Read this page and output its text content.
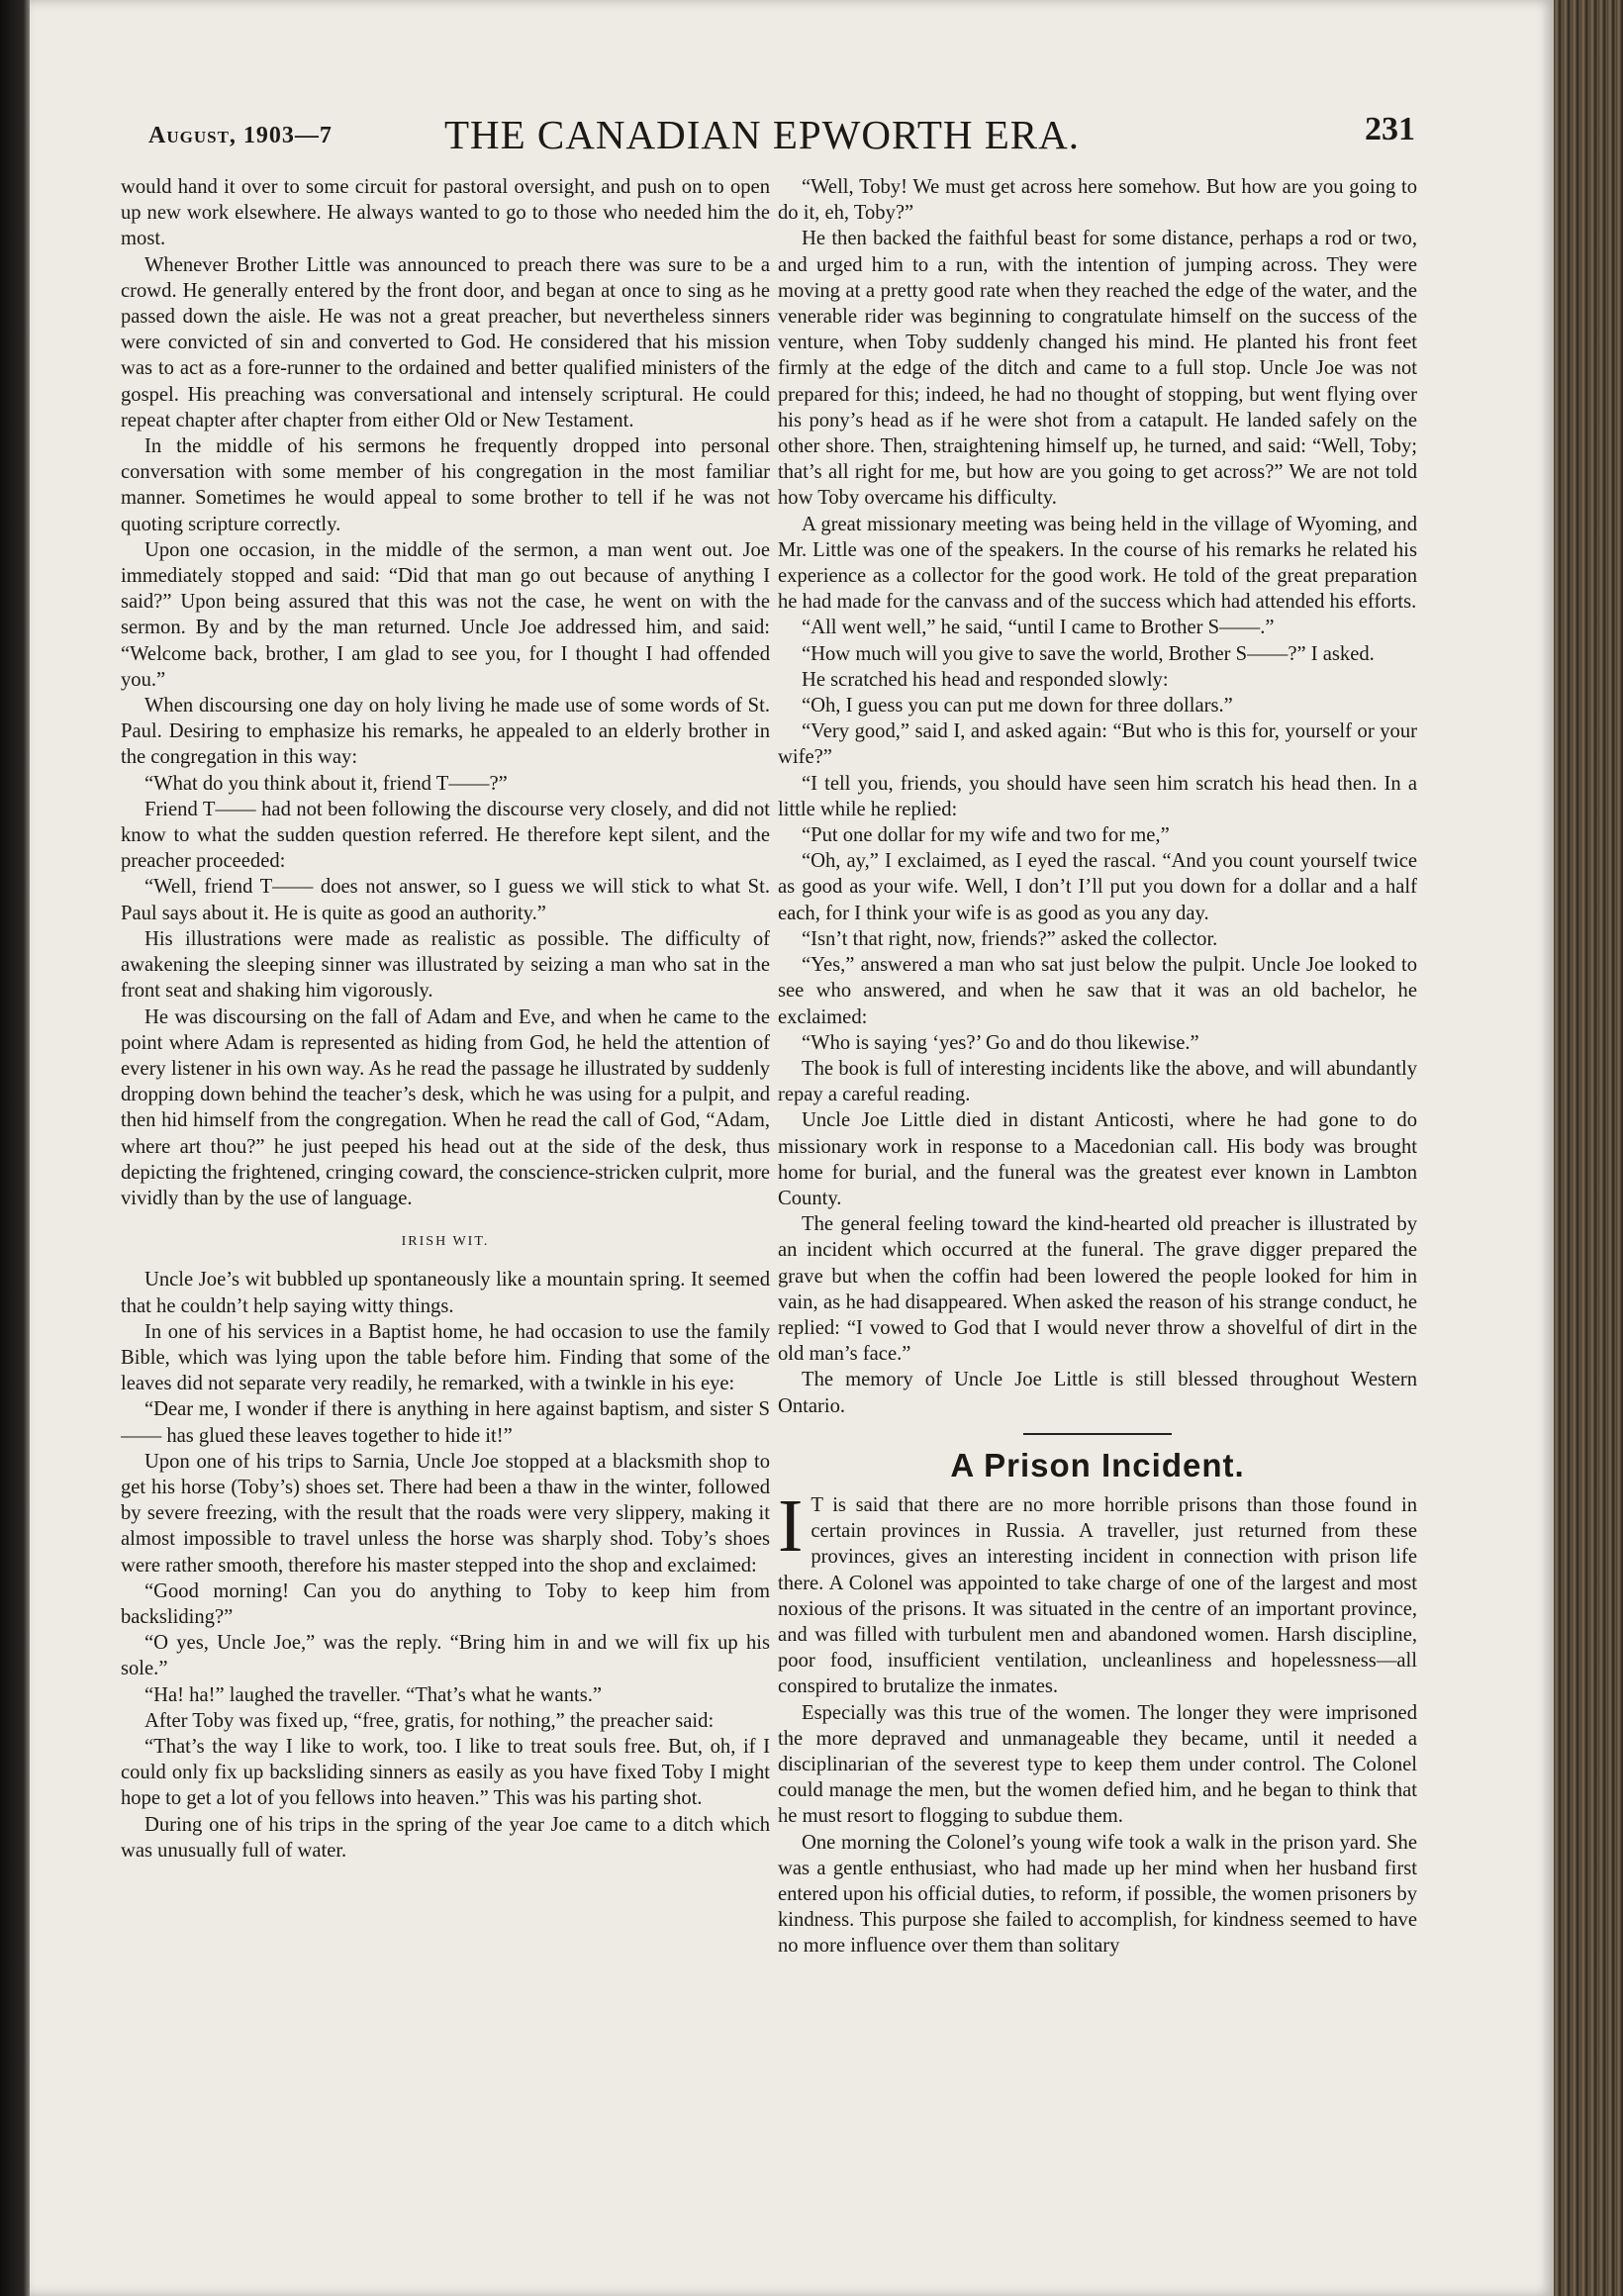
August, 1903—7	THE CANADIAN EPWORTH ERA.	231

would hand it over to some circuit for pastoral oversight, and push on to open up new work elsewhere. He always wanted to go to those who needed him the most.

Whenever Brother Little was announced to preach there was sure to be a crowd. He generally entered by the front door, and began at once to sing as he passed down the aisle. He was not a great preacher, but nevertheless sinners were convicted of sin and converted to God. He considered that his mission was to act as a fore-runner to the ordained and better qualified ministers of the gospel. His preaching was conversational and intensely scriptural. He could repeat chapter after chapter from either Old or New Testament.

In the middle of his sermons he frequently dropped into personal conversation with some member of his congregation in the most familiar manner. Sometimes he would appeal to some brother to tell if he was not quoting scripture correctly.

Upon one occasion, in the middle of the sermon, a man went out. Joe immediately stopped and said: “Did that man go out because of anything I said?” Upon being assured that this was not the case, he went on with the sermon. By and by the man returned. Uncle Joe addressed him, and said: “Welcome back, brother, I am glad to see you, for I thought I had offended you.”

When discoursing one day on holy living he made use of some words of St. Paul. Desiring to emphasize his remarks, he appealed to an elderly brother in the congregation in this way:

“What do you think about it, friend T——?”

Friend T—— had not been following the discourse very closely, and did not know to what the sudden question referred. He therefore kept silent, and the preacher proceeded:

“Well, friend T—— does not answer, so I guess we will stick to what St. Paul says about it. He is quite as good an authority.”

His illustrations were made as realistic as possible. The difficulty of awakening the sleeping sinner was illustrated by seizing a man who sat in the front seat and shaking him vigorously.

He was discoursing on the fall of Adam and Eve, and when he came to the point where Adam is represented as hiding from God, he held the attention of every listener in his own way. As he read the passage he illustrated by suddenly dropping down behind the teacher’s desk, which he was using for a pulpit, and then hid himself from the congregation. When he read the call of God, “Adam, where art thou?” he just peeped his head out at the side of the desk, thus depicting the frightened, cringing coward, the conscience-stricken culprit, more vividly than by the use of language.

IRISH WIT.

Uncle Joe’s wit bubbled up spontaneously like a mountain spring. It seemed that he couldn’t help saying witty things.

In one of his services in a Baptist home, he had occasion to use the family Bible, which was lying upon the table before him. Finding that some of the leaves did not separate very readily, he remarked, with a twinkle in his eye:

“Dear me, I wonder if there is anything in here against baptism, and sister S—— has glued these leaves together to hide it!”

Upon one of his trips to Sarnia, Uncle Joe stopped at a blacksmith shop to get his horse (Toby’s) shoes set. There had been a thaw in the winter, followed by severe freezing, with the result that the roads were very slippery, making it almost impossible to travel unless the horse was sharply shod. Toby’s shoes were rather smooth, therefore his master stepped into the shop and exclaimed:

“Good morning! Can you do anything to Toby to keep him from backsliding?”

“O yes, Uncle Joe,” was the reply. “Bring him in and we will fix up his sole.”

“Ha! ha!” laughed the traveller. “That’s what he wants.”

After Toby was fixed up, “free, gratis, for nothing,” the preacher said:

“That’s the way I like to work, too. I like to treat souls free. But, oh, if I could only fix up backsliding sinners as easily as you have fixed Toby I might hope to get a lot of you fellows into heaven.” This was his parting shot.

During one of his trips in the spring of the year Joe came to a ditch which was unusually full of water.

“Well, Toby! We must get across here somehow. But how are you going to do it, eh, Toby?”

He then backed the faithful beast for some distance, perhaps a rod or two, and urged him to a run, with the intention of jumping across. They were moving at a pretty good rate when they reached the edge of the water, and the venerable rider was beginning to congratulate himself on the success of the venture, when Toby suddenly changed his mind. He planted his front feet firmly at the edge of the ditch and came to a full stop. Uncle Joe was not prepared for this; indeed, he had no thought of stopping, but went flying over his pony’s head as if he were shot from a catapult. He landed safely on the other shore. Then, straightening himself up, he turned, and said: “Well, Toby; that’s all right for me, but how are you going to get across?” We are not told how Toby overcame his difficulty.

A great missionary meeting was being held in the village of Wyoming, and Mr. Little was one of the speakers. In the course of his remarks he related his experience as a collector for the good work. He told of the great preparation he had made for the canvass and of the success which had attended his efforts.

“All went well,” he said, “until I came to Brother S——.”

“How much will you give to save the world, Brother S——?” I asked.

He scratched his head and responded slowly:

“Oh, I guess you can put me down for three dollars.”

“Very good,” said I, and asked again: “But who is this for, yourself or your wife?”

“I tell you, friends, you should have seen him scratch his head then. In a little while he replied:

“Put one dollar for my wife and two for me,”

“Oh, ay,” I exclaimed, as I eyed the rascal. “And you count yourself twice as good as your wife. Well, I don’t I’ll put you down for a dollar and a half each, for I think your wife is as good as you any day.

“Isn’t that right, now, friends?” asked the collector.

“Yes,” answered a man who sat just below the pulpit. Uncle Joe looked to see who answered, and when he saw that it was an old bachelor, he exclaimed:

“Who is saying ‘yes?’ Go and do thou likewise.”

The book is full of interesting incidents like the above, and will abundantly repay a careful reading.

Uncle Joe Little died in distant Anticosti, where he had gone to do missionary work in response to a Macedonian call. His body was brought home for burial, and the funeral was the greatest ever known in Lambton County.

The general feeling toward the kind-hearted old preacher is illustrated by an incident which occurred at the funeral. The grave digger prepared the grave but when the coffin had been lowered the people looked for him in vain, as he had disappeared. When asked the reason of his strange conduct, he replied: “I vowed to God that I would never throw a shovelful of dirt in the old man’s face.”

The memory of Uncle Joe Little is still blessed throughout Western Ontario.

A Prison Incident.

I T is said that there are no more horrible prisons than those found in certain provinces in Russia. A traveller, just returned from these provinces, gives an interesting incident in connection with prison life there. A Colonel was appointed to take charge of one of the largest and most noxious of the prisons. It was situated in the centre of an important province, and was filled with turbulent men and abandoned women. Harsh discipline, poor food, insufficient ventilation, uncleanliness and hopelessness—all conspired to brutalize the inmates.

Especially was this true of the women. The longer they were imprisoned the more depraved and unmanageable they became, until it needed a disciplinarian of the severest type to keep them under control. The Colonel could manage the men, but the women defied him, and he began to think that he must resort to flogging to subdue them.

One morning the Colonel’s young wife took a walk in the prison yard. She was a gentle enthusiast, who had made up her mind when her husband first entered upon his official duties, to reform, if possible, the women prisoners by kindness. This purpose she failed to accomplish, for kindness seemed to have no more influence over them than solitary
